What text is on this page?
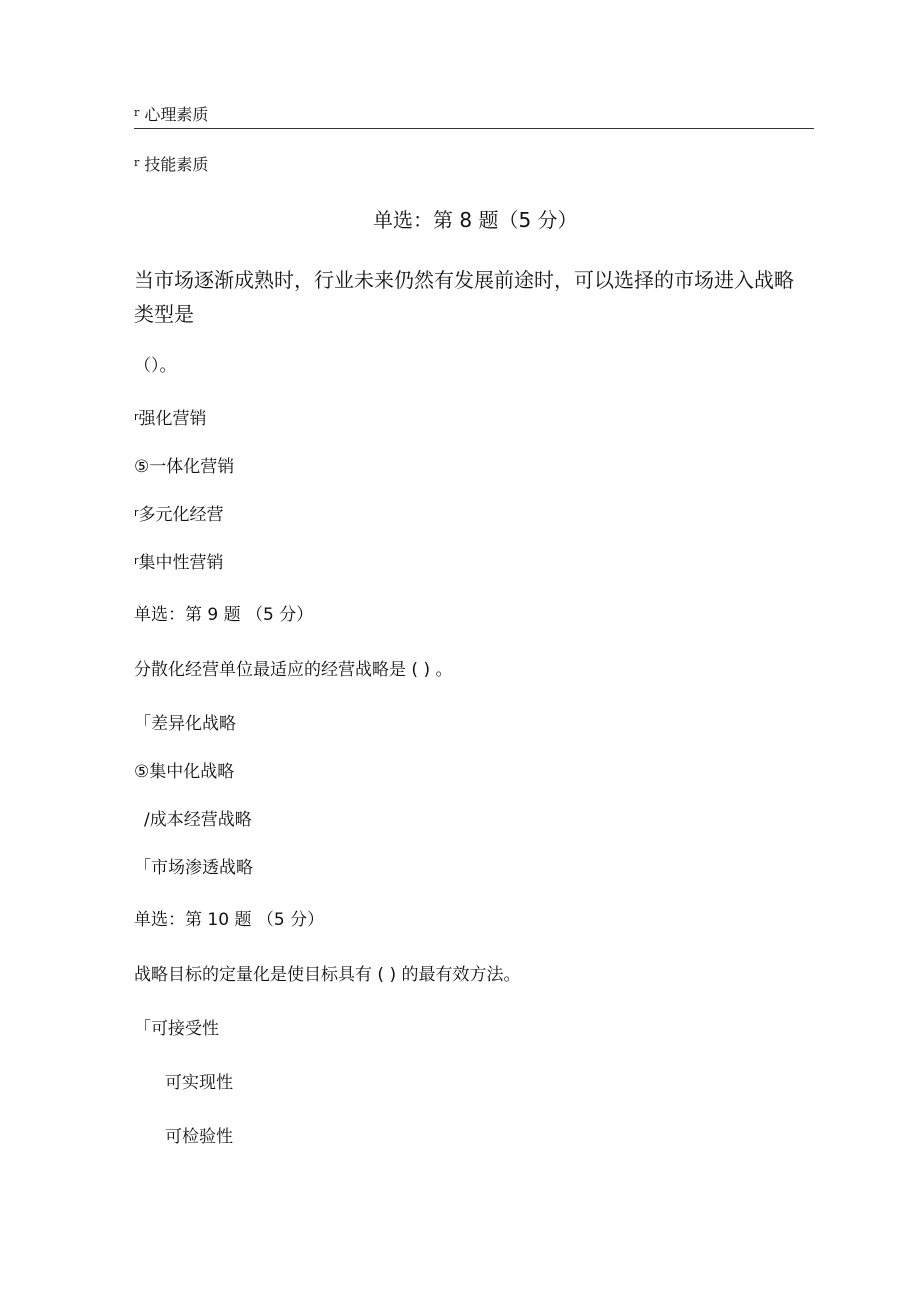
$^r$ 心理素质
$^r$ 技能素质
单选：第 8 题（5 分）
当市场逐渐成熟时，行业未来仍然有发展前途时，可以选择的市场进入战略
类型是
（）。
$^r$强化营销
⑤一体化营销
$^r$多元化经营
$^r$集中性营销
单选：第 9 题 （5 分）
分散化经营单位最适应的经营战略是 ( ) 。
「差异化战略
⑤集中化战略
/成本经营战略
「市场渗透战略
单选：第 10 题 （5 分）
战略目标的定量化是使目标具有 ( ) 的最有效方法。
「可接受性
可实现性
可检验性
